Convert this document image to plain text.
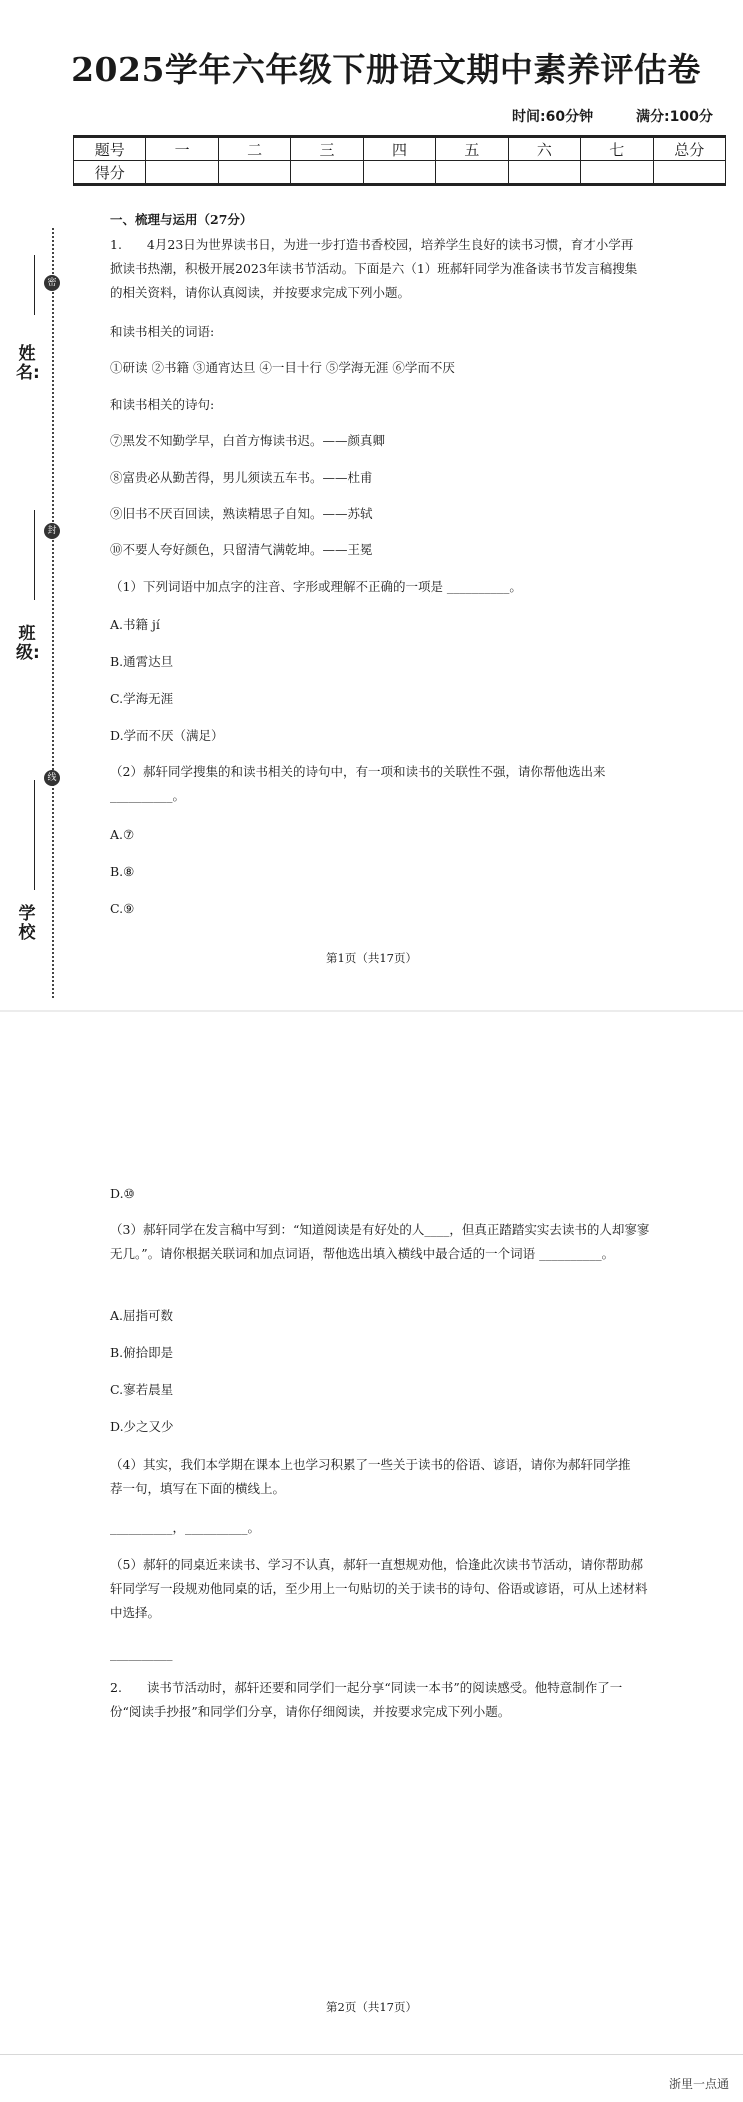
2025学年六年级下册语文期中素养评估卷
时间:60分钟	满分:100分
题号	一	二	三	四	五	六	七	总分
得分								
密
封
线
姓名:
班级:
学校
一、梳理与运用（27分）
1.　　4月23日为世界读书日，为进一步打造书香校园，培养学生良好的读书习惯，育才小学再掀读书热潮，积极开展2023年读书节活动。下面是六（1）班郝轩同学为准备读书节发言稿搜集的相关资料，请你认真阅读，并按要求完成下列小题。
和读书相关的词语:
①研读 ②书籍 ③通宵达旦 ④一目十行 ⑤学海无涯 ⑥学而不厌
和读书相关的诗句:
⑦黑发不知勤学早，白首方悔读书迟。——颜真卿
⑧富贵必从勤苦得，男儿须读五车书。——杜甫
⑨旧书不厌百回读，熟读精思子自知。——苏轼
⑩不要人夸好颜色，只留清气满乾坤。——王冕
（1）下列词语中加点字的注音、字形或理解不正确的一项是 __________。
A.书籍 jí
B.通霄达旦
C.学海无涯
D.学而不厌（满足）
（2）郝轩同学搜集的和读书相关的诗句中，有一项和读书的关联性不强，请你帮他选出来 __________。
A.⑦
B.⑧
C.⑨
第1页（共17页）
D.⑩
（3）郝轩同学在发言稿中写到：“知道阅读是有好处的人____，但真正踏踏实实去读书的人却寥寥无几。”。请你根据关联词和加点词语，帮他选出填入横线中最合适的一个词语 __________。
A.屈指可数
B.俯拾即是
C.寥若晨星
D.少之又少
（4）其实，我们本学期在课本上也学习积累了一些关于读书的俗语、谚语，请你为郝轩同学推荐一句，填写在下面的横线上。
__________，__________。
（5）郝轩的同桌近来读书、学习不认真，郝轩一直想规劝他，恰逢此次读书节活动，请你帮助郝轩同学写一段规劝他同桌的话，至少用上一句贴切的关于读书的诗句、俗语或谚语，可从上述材料中选择。
__________
2.　　读书节活动时，郝轩还要和同学们一起分享“同读一本书”的阅读感受。他特意制作了一份“阅读手抄报”和同学们分享，请你仔细阅读，并按要求完成下列小题。
第2页（共17页）
浙里一点通
